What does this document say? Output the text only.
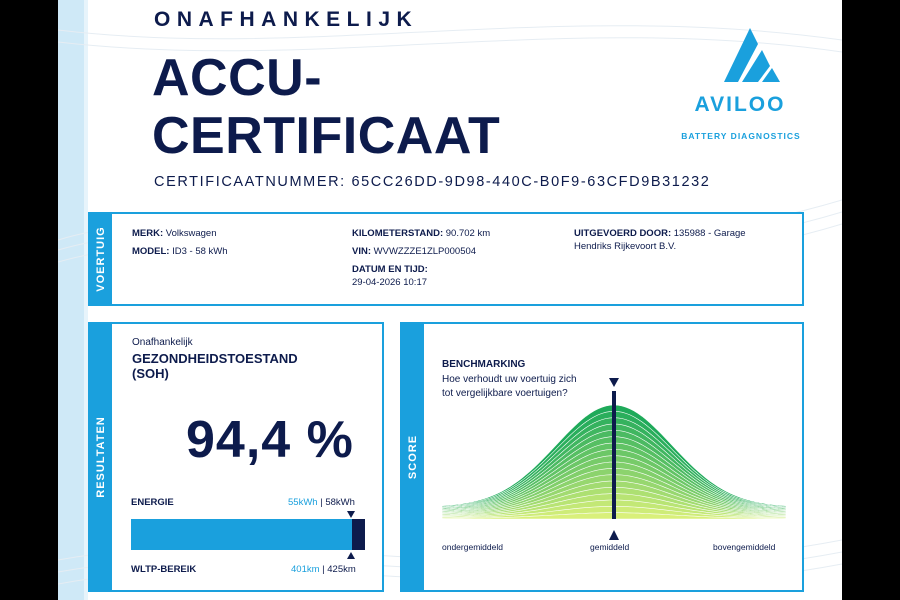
ONAFHANKELIJK
ACCU-
CERTIFICAAT
CERTIFICAATNUMMER: 65CC26DD-9D98-440C-B0F9-63CFD9B31232
AVILOO
BATTERY DIAGNOSTICS
VOERTUIG	MERK: Volkswagen
MODEL: ID3 - 58 kWh
KILOMETERSTAND: 90.702 km
VIN: WVWZZZE1ZLP000504
DATUM EN TIJD:
29-04-2026 10:17
UITGEVOERD DOOR: 135988 - Garage
Hendriks Rijkevoort B.V.
RESULTATEN
Onafhankelijk
GEZONDHEIDSTOESTAND (SOH)
94,4 %
ENERGIE	55kWh | 58kWh
WLTP-BEREIK	401km | 425km
SCORE
BENCHMARKING
Hoe verhoudt uw voertuig zich tot vergelijkbare voertuigen?
ondergemiddeld	gemiddeld	bovengemiddeld
